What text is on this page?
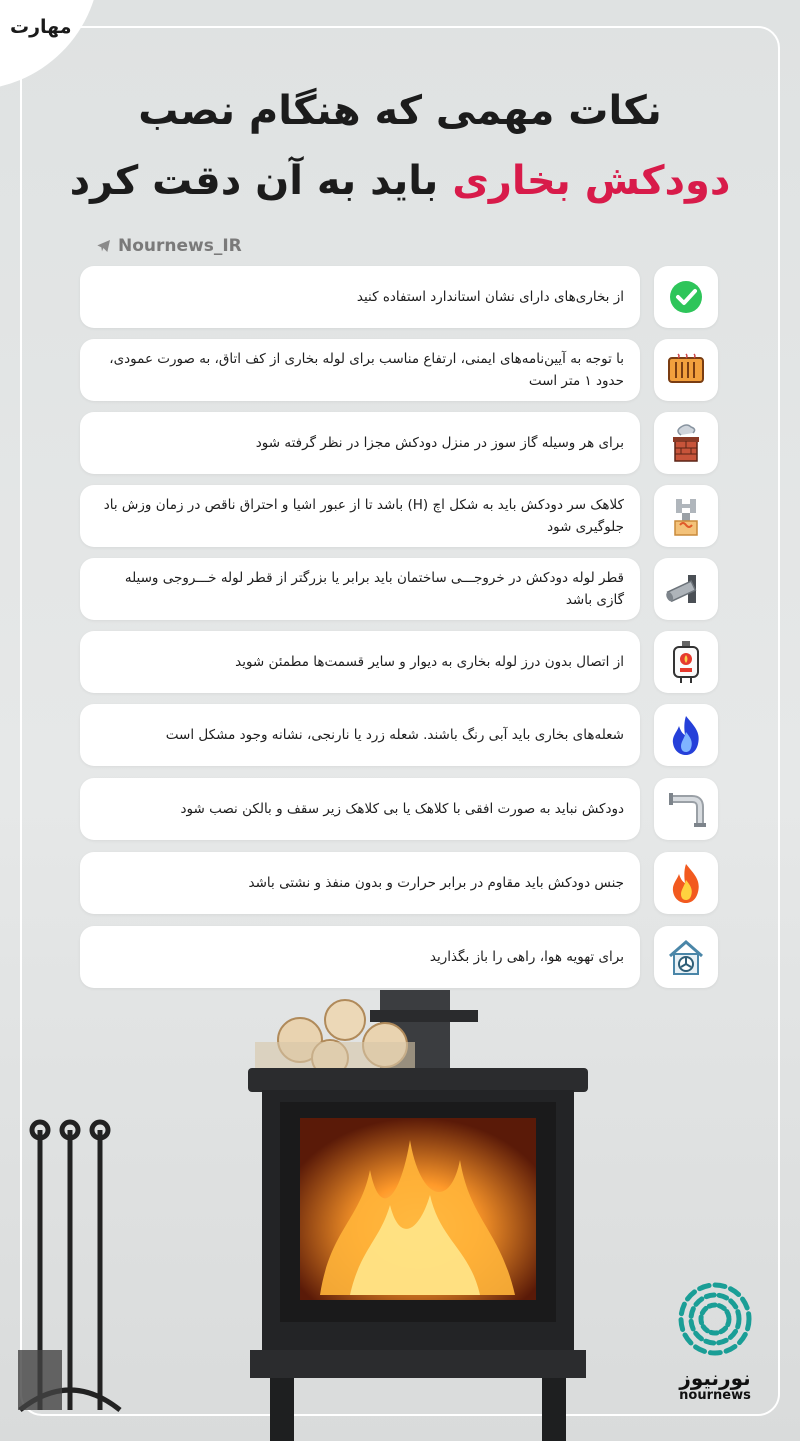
مهارت
نکات مهمی که هنگام نصب
دودکش بخاری باید به آن دقت کرد
Nournews_IR
از بخاری‌های دارای نشان استاندارد استفاده کنید
با توجه به آیین‌نامه‌های ایمنی، ارتفاع مناسب برای لوله بخاری از کف اتاق، به صورت عمودی، حدود ۱ متر است
برای هر وسیله گاز سوز در منزل دودکش مجزا در نظر گرفته شود
کلاهک سر دودکش باید به شکل اچ (H) باشد تا از عبور اشیا و احتراق ناقص در زمان وزش باد جلوگیری شود
قطر لوله دودکش در خروجـــی ساختمان باید برابر یا بزرگتر از قطر لوله خـــروجی وسیله گازی باشد
از اتصال بدون درز لوله بخاری به دیوار و سایر قسمت‌ها مطمئن شوید
شعله‌های بخاری باید آبی رنگ باشند. شعله زرد یا نارنجی، نشانه وجود مشکل است
دودکش نباید به صورت افقی با کلاهک یا بی کلاهک زیر سقف و بالکن نصب شود
جنس دودکش باید مقاوم در برابر حرارت و بدون منفذ و نشتی باشد
برای تهویه هوا، راهی را باز بگذارید
نورنیوز
nournews
